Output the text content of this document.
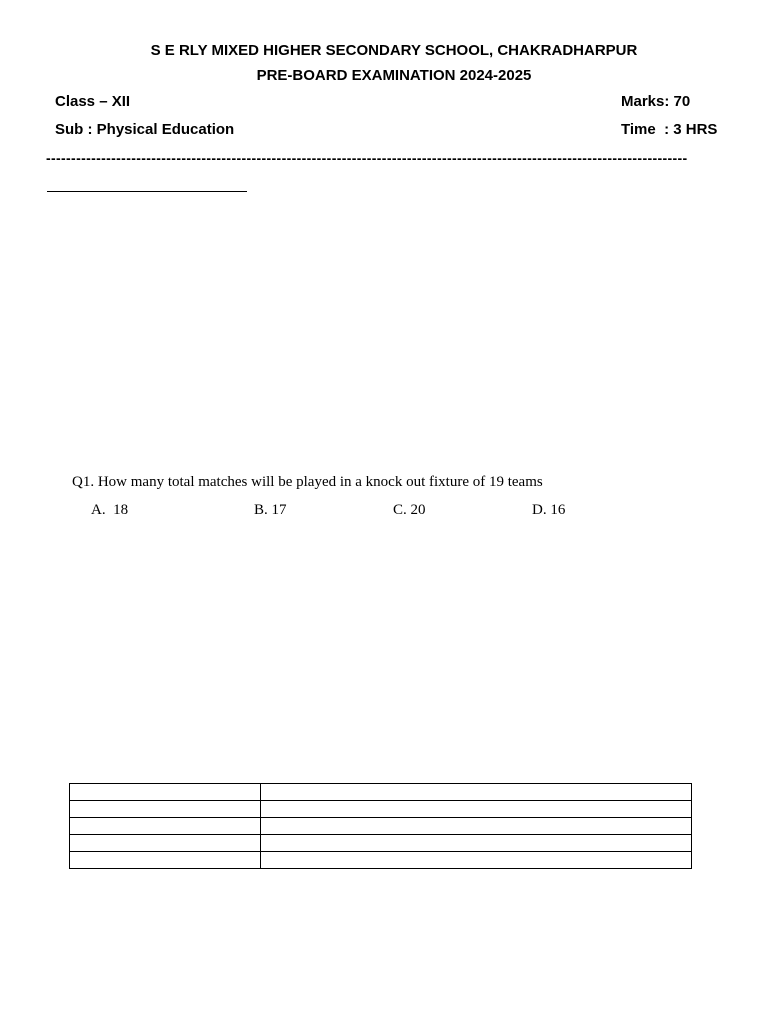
S E RLY MIXED HIGHER SECONDARY SCHOOL, CHAKRADHARPUR
PRE-BOARD EXAMINATION 2024-2025
Class – XII	Marks: 70
Sub : Physical Education	Time  : 3 HRS
--------------------------------------------------------------------------------------------------------------------------------
Q1. How many total matches will be played in a knock out fixture of 19 teams
A.  18	B. 17	C. 20	D. 16
